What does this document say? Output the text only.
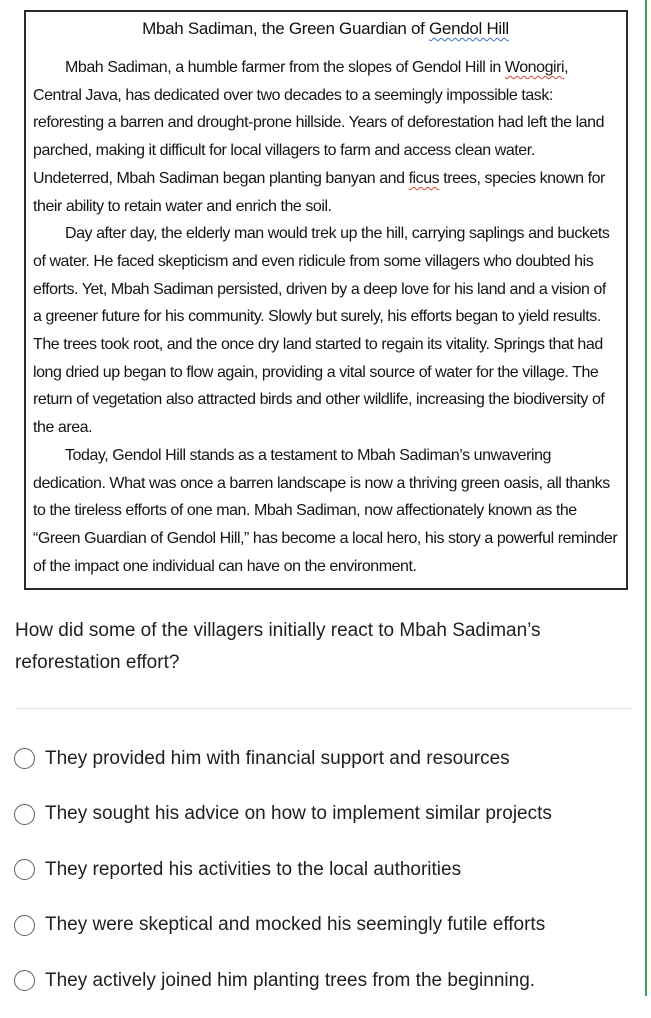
Mbah Sadiman, the Green Guardian of Gendol Hill

Mbah Sadiman, a humble farmer from the slopes of Gendol Hill in Wonogiri, Central Java, has dedicated over two decades to a seemingly impossible task: reforesting a barren and drought-prone hillside. Years of deforestation had left the land parched, making it difficult for local villagers to farm and access clean water. Undeterred, Mbah Sadiman began planting banyan and ficus trees, species known for their ability to retain water and enrich the soil.

Day after day, the elderly man would trek up the hill, carrying saplings and buckets of water. He faced skepticism and even ridicule from some villagers who doubted his efforts. Yet, Mbah Sadiman persisted, driven by a deep love for his land and a vision of a greener future for his community. Slowly but surely, his efforts began to yield results. The trees took root, and the once dry land started to regain its vitality. Springs that had long dried up began to flow again, providing a vital source of water for the village. The return of vegetation also attracted birds and other wildlife, increasing the biodiversity of the area.

Today, Gendol Hill stands as a testament to Mbah Sadiman’s unwavering dedication. What was once a barren landscape is now a thriving green oasis, all thanks to the tireless efforts of one man. Mbah Sadiman, now affectionately known as the “Green Guardian of Gendol Hill,” has become a local hero, his story a powerful reminder of the impact one individual can have on the environment.

How did some of the villagers initially react to Mbah Sadiman’s reforestation effort?

They provided him with financial support and resources
They sought his advice on how to implement similar projects
They reported his activities to the local authorities
They were skeptical and mocked his seemingly futile efforts
They actively joined him planting trees from the beginning.
